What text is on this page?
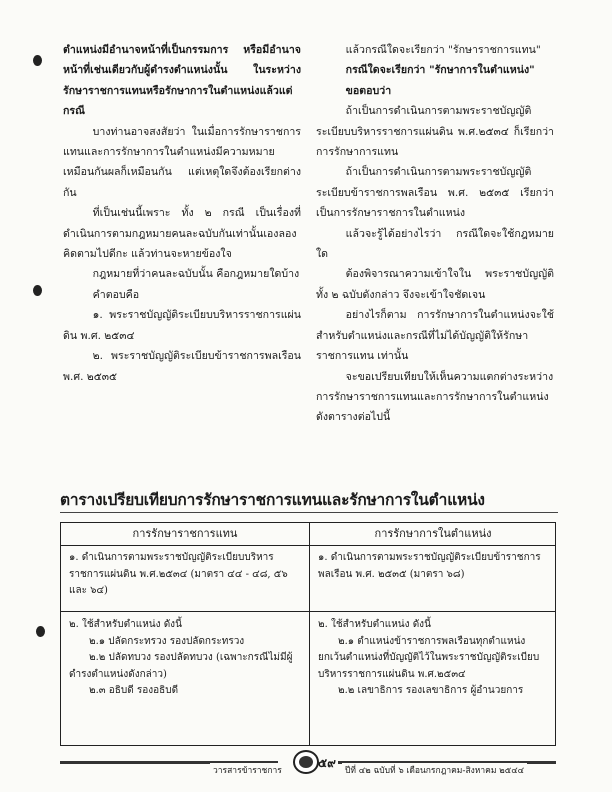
ตำแหน่งมีอำนาจหน้าที่เป็นกรรมการ หรือมีอำนาจหน้าที่เช่นเดียวกับผู้ดำรงตำแหน่งนั้น ในระหว่างรักษาราชการแทนหรือรักษาการในตำแหน่งแล้วแต่กรณี

บางท่านอาจสงสัยว่า ในเมื่อการรักษาราชการแทนและการรักษาการในตำแหน่งมีความหมายเหมือนกันผลก็เหมือนกัน แต่เหตุใดจึงต้องเรียกต่างกัน

ที่เป็นเช่นนี้เพราะ ทั้ง ๒ กรณี เป็นเรื่องที่ดำเนินการตามกฎหมายคนละฉบับกันเท่านั้นเองลองคิดตามไปดีกะ แล้วท่านจะหายข้องใจ

กฎหมายที่ว่าคนละฉบับนั้น คือกฎหมายใดบ้าง

คำตอบคือ

๑. พระราชบัญญัติระเบียบบริหารราชการแผ่นดิน พ.ศ. ๒๕๓๔

๒. พระราชบัญญัติระเบียบข้าราชการพลเรือน พ.ศ. ๒๕๓๕

แล้วกรณีใดจะเรียกว่า "รักษาราชการแทน"

กรณีใดจะเรียกว่า "รักษาการในตำแหน่ง"

ขอตอบว่า

ถ้าเป็นการดำเนินการตามพระราชบัญญัติระเบียบบริหารราชการแผ่นดิน พ.ศ.๒๕๓๔ ก็เรียกว่า การรักษาการแทน

ถ้าเป็นการดำเนินการตามพระราชบัญญัติระเบียบข้าราชการพลเรือน พ.ศ. ๒๕๓๕ เรียกว่าเป็นการรักษาราชการในตำแหน่ง

แล้วจะรู้ได้อย่างไรว่า กรณีใดจะใช้กฎหมายใด

ต้องพิจารณาความเข้าใจใน พระราชบัญญัติ ทั้ง ๒ ฉบับดังกล่าว จึงจะเข้าใจชัดเจน

อย่างไรก็ตาม การรักษาการในตำแหน่งจะใช้สำหรับตำแหน่งและกรณีที่ไม่ได้บัญญัติให้รักษาราชการแทน เท่านั้น

จะขอเปรียบเทียบให้เห็นความแตกต่างระหว่างการรักษาราชการแทนและการรักษาการในตำแหน่ง ดังตารางต่อไปนี้

ตารางเปรียบเทียบการรักษาราชการแทนและรักษาการในตำแหน่ง
การรักษาราชการแทน	การรักษาการในตำแหน่ง

๑. ดำเนินการตามพระราชบัญญัติระเบียบบริหารราชการแผ่นดิน พ.ศ.๒๕๓๔ (มาตรา ๔๔ - ๔๘, ๕๖ และ ๖๔)

๑. ดำเนินการตามพระราชบัญญัติระเบียบข้าราชการพลเรือน พ.ศ. ๒๕๓๕ (มาตรา ๖๘)

๒. ใช้สำหรับตำแหน่ง ดังนี้

๒.๑ ปลัดกระทรวง รองปลัดกระทรวง

๒.๒ ปลัดทบวง รองปลัดทบวง (เฉพาะกรณีไม่มีผู้ดำรงตำแหน่งดังกล่าว)

๒.๓ อธิบดี รองอธิบดี

๒. ใช้สำหรับตำแหน่ง ดังนี้

๒.๑ ตำแหน่งข้าราชการพลเรือนทุกตำแหน่งยกเว้นตำแหน่งที่บัญญัติไว้ในพระราชบัญญัติระเบียบบริหารราชการแผ่นดิน พ.ศ.๒๕๓๔

๒.๒ เลขาธิการ รองเลขาธิการ ผู้อำนวยการ

วารสารข้าราชการ
๕๙
ปีที่ ๔๒ ฉบับที่ ๖ เดือนกรกฎาคม-สิงหาคม ๒๕๔๔
